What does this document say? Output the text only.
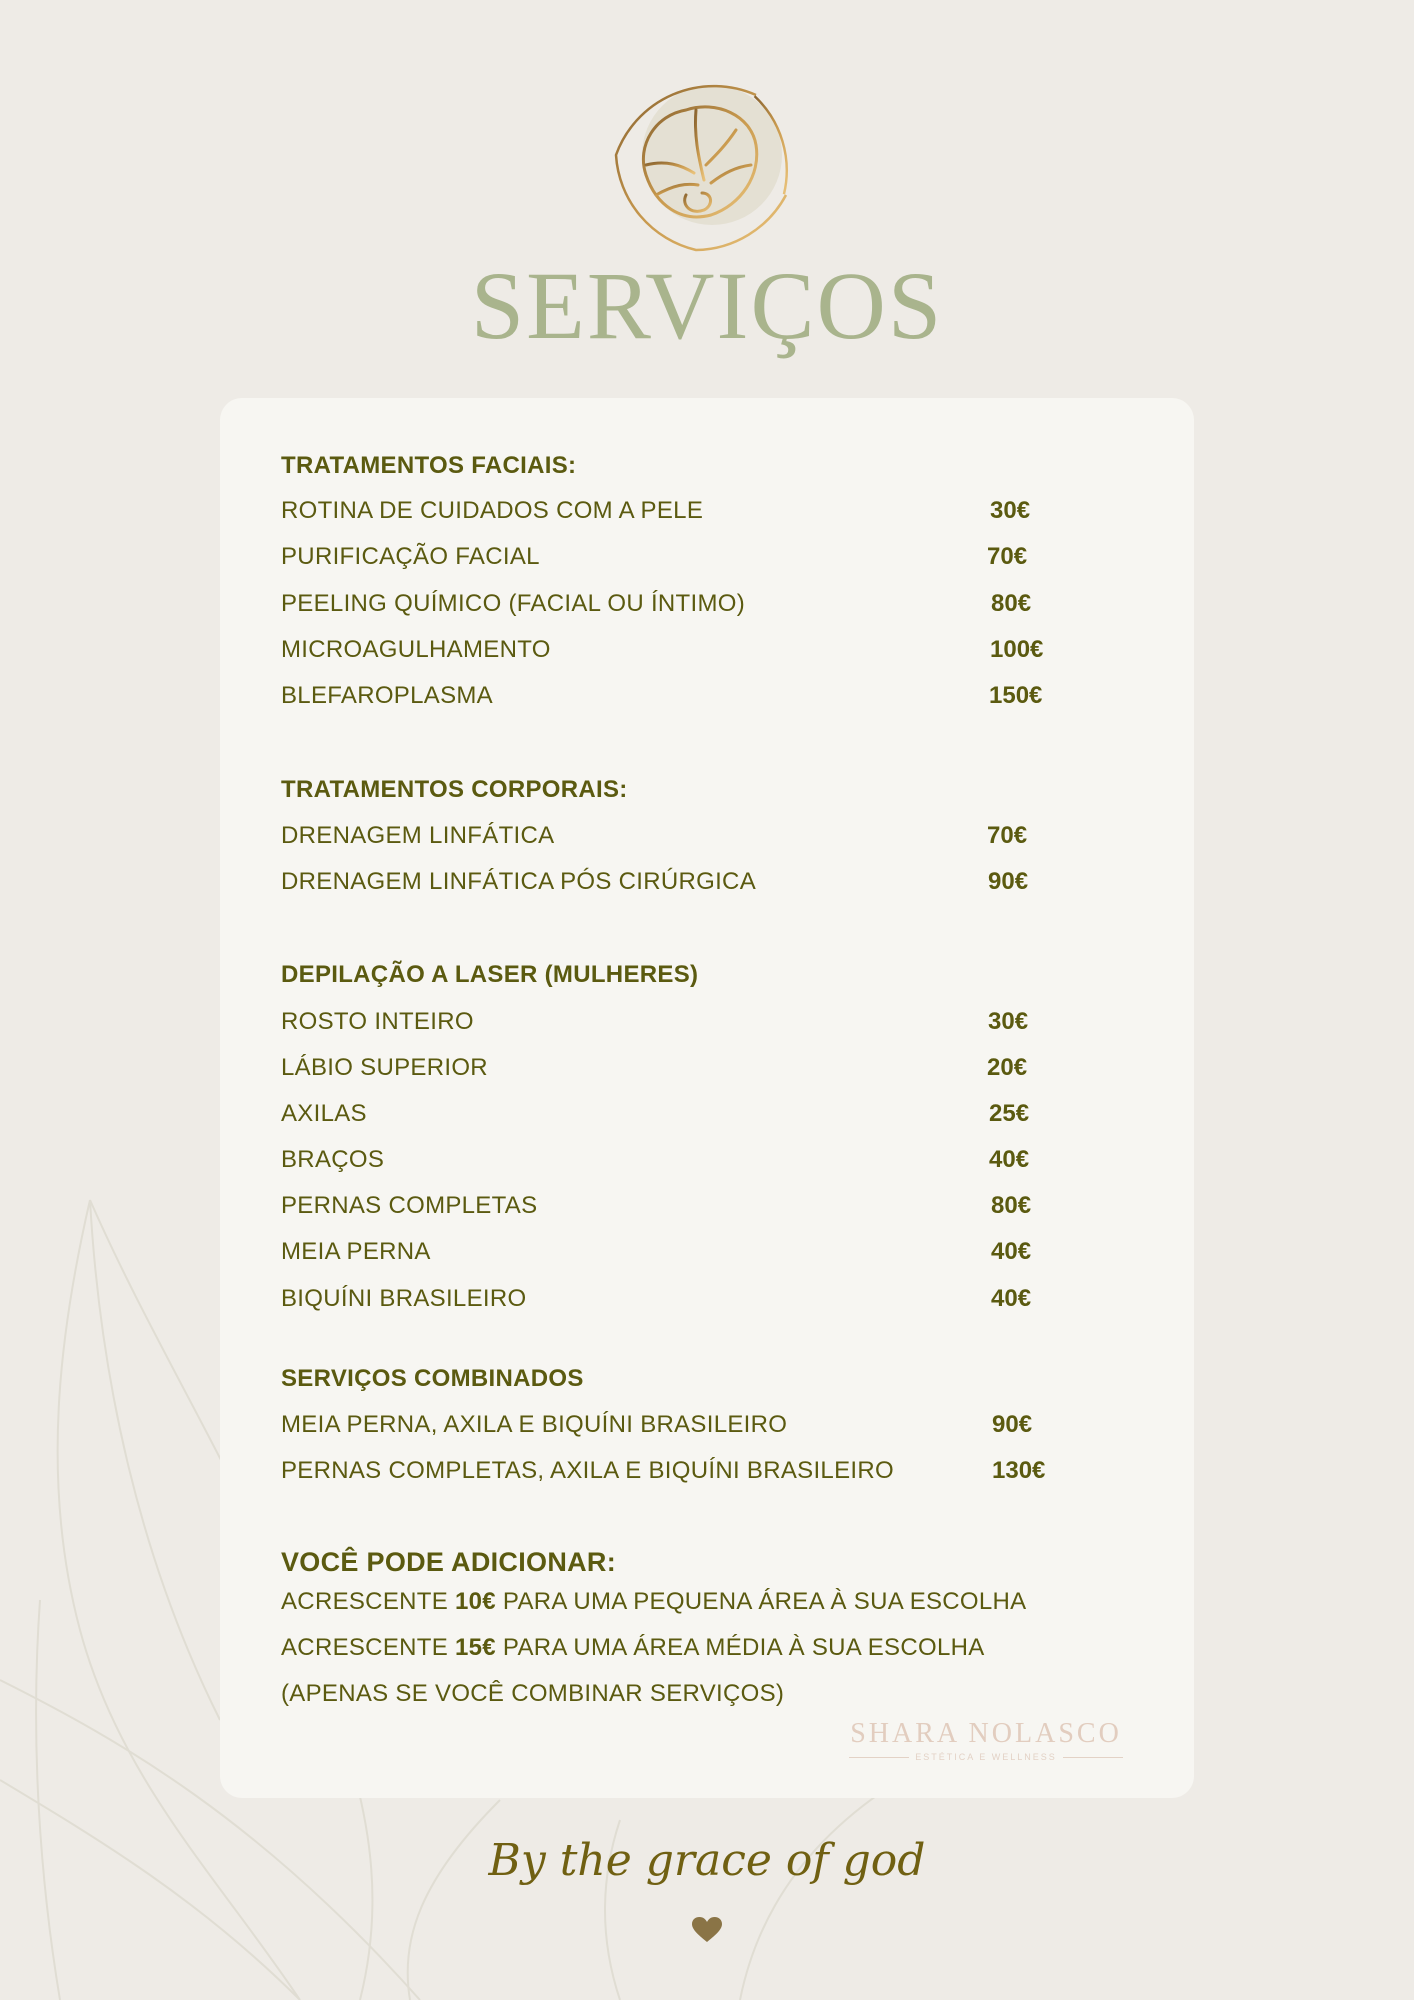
SERVIÇOS
TRATAMENTOS FACIAIS:
ROTINA DE CUIDADOS COM A PELE	30€
PURIFICAÇÃO FACIAL	70€
PEELING QUÍMICO (FACIAL OU ÍNTIMO)	80€
MICROAGULHAMENTO	100€
BLEFAROPLASMA	150€
TRATAMENTOS CORPORAIS:
DRENAGEM LINFÁTICA	70€
DRENAGEM LINFÁTICA PÓS CIRÚRGICA	90€
DEPILAÇÃO A LASER (MULHERES)
ROSTO INTEIRO	30€
LÁBIO SUPERIOR	20€
AXILAS	25€
BRAÇOS	40€
PERNAS COMPLETAS	80€
MEIA PERNA	40€
BIQUÍNI BRASILEIRO	40€
SERVIÇOS COMBINADOS
MEIA PERNA, AXILA E BIQUÍNI BRASILEIRO	90€
PERNAS COMPLETAS, AXILA E BIQUÍNI BRASILEIRO	130€
VOCÊ PODE ADICIONAR:
ACRESCENTE 10€ PARA UMA PEQUENA ÁREA À SUA ESCOLHA
ACRESCENTE 15€ PARA UMA ÁREA MÉDIA À SUA ESCOLHA
(APENAS SE VOCÊ COMBINAR SERVIÇOS)
SHARA NOLASCO
ESTÉTICA E WELLNESS
By the grace of god
